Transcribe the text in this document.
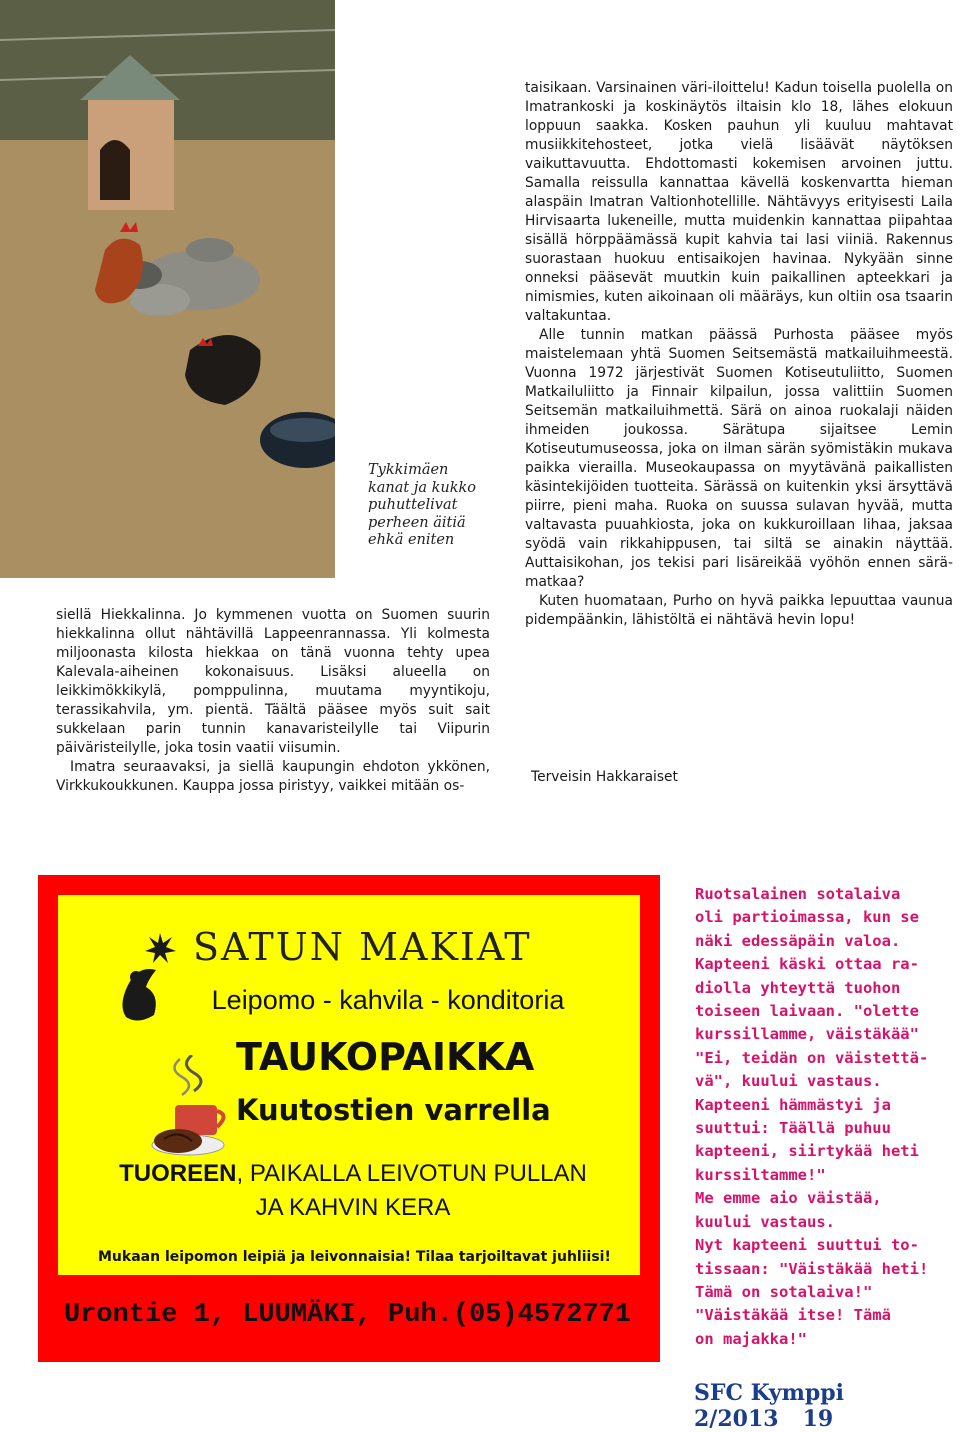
Tykkimäen
kanat ja kukko
puhuttelivat
perheen äitiä
ehkä eniten

siellä Hiekkalinna. Jo kymmenen vuotta on Suomen suurin hiekkalinna ollut nähtävillä Lappeenrannassa. Yli kolmesta miljoonasta kilosta hiekkaa on tänä vuonna tehty upea Kalevala-aiheinen kokonaisuus. Lisäksi alueella on leikkimökkikylä, pomppulinna, muutama myyntikoju, terassikahvila, ym. pientä. Täältä pääsee myös suit sait sukkelaan parin tunnin kanavaristeilylle tai Viipurin päiväristeilylle, joka tosin vaatii viisumin.

Imatra seuraavaksi, ja siellä kaupungin ehdoton ykkönen, Virkkukoukkunen. Kauppa jossa piristyy, vaikkei mitään os-

taisikaan. Varsinainen väri-iloittelu! Kadun toisella puolella on Imatrankoski ja koskinäytös iltaisin klo 18, lähes elokuun loppuun saakka. Kosken pauhun yli kuuluu mahtavat musiikkitehosteet, jotka vielä lisäävät näytöksen vaikuttavuutta. Ehdottomasti kokemisen arvoinen juttu. Samalla reissulla kannattaa kävellä koskenvarttа hieman alaspäin Imatran Valtionhotellille. Nähtävyys erityisesti Laila Hirvisaarta lukeneille, mutta muidenkin kannattaa piipahtaa sisällä hörppäämässä kupit kahvia tai lasi viiniä. Rakennus suorastaan huokuu entisaikojen havinaa. Nykyään sinne onneksi pääsevät muutkin kuin paikallinen apteekkari ja nimismies, kuten aikoinaan oli määräys, kun oltiin osa tsaarin valtakuntaa.

Alle tunnin matkan päässä Purhosta pääsee myös maistelemaan yhtä Suomen Seitsemästä matkailuihmeestä. Vuonna 1972 järjestivät Suomen Kotiseutuliitto, Suomen Matkailuliitto ja Finnair kilpailun, jossa valittiin Suomen Seitsemän matkailuihmettä. Särä on ainoa ruokalaji näiden ihmeiden joukossa. Särätupa sijaitsee Lemin Kotiseutumuseossa, joka on ilman särän syömistäkin mukava paikka vierailla. Museokaupassa on myytävänä paikallisten käsintekijöiden tuotteita. Särässä on kuitenkin yksi ärsyttävä piirre, pieni maha. Ruoka on suussa sulavan hyvää, mutta valtavasta puuahkiosta, joka on kukkuroillaan lihaa, jaksaa syödä vain rikkahippusen, tai siltä se ainakin näyttää. Auttaisikohan, jos tekisi pari lisäreikää vyöhön ennen särä-matkaa?

Kuten huomataan, Purho on hyvä paikka lepuuttaa vaunua pidempäänkin, lähistöltä ei nähtävä hevin lopu!

Terveisin Hakkaraiset
SATUN MAKIAT
Leipomo - kahvila - konditoria
TAUKOPAIKKA
Kuutostien varrella
TUOREEN, PAIKALLA LEIVOTUN PULLAN
JA KAHVIN KERA
Mukaan leipomon leipiä ja leivonnaisia! Tilaa tarjoiltavat juhliisi!
Urontie 1, LUUMÄKI, Puh.(05)4572771
Ruotsalainen sotalaiva
oli partioimassa, kun se
näki edessäpäin valoa.
Kapteeni käski ottaa ra-
diolla yhteyttä tuohon
toiseen laivaan. "olette
kurssillamme, väistäkää"
"Ei, teidän on väistettä-
vä", kuului vastaus.
Kapteeni hämmästyi ja
suuttui: Täällä puhuu
kapteeni, siirtykää heti
kurssiltamme!"
Me emme aio väistää,
kuului vastaus.
Nyt kapteeni suuttui to-
tissaan: "Väistäkää heti!
Tämä on sotalaiva!"
"Väistäkää itse! Tämä
on majakka!"
SFC Kymppi 2/2013 19
